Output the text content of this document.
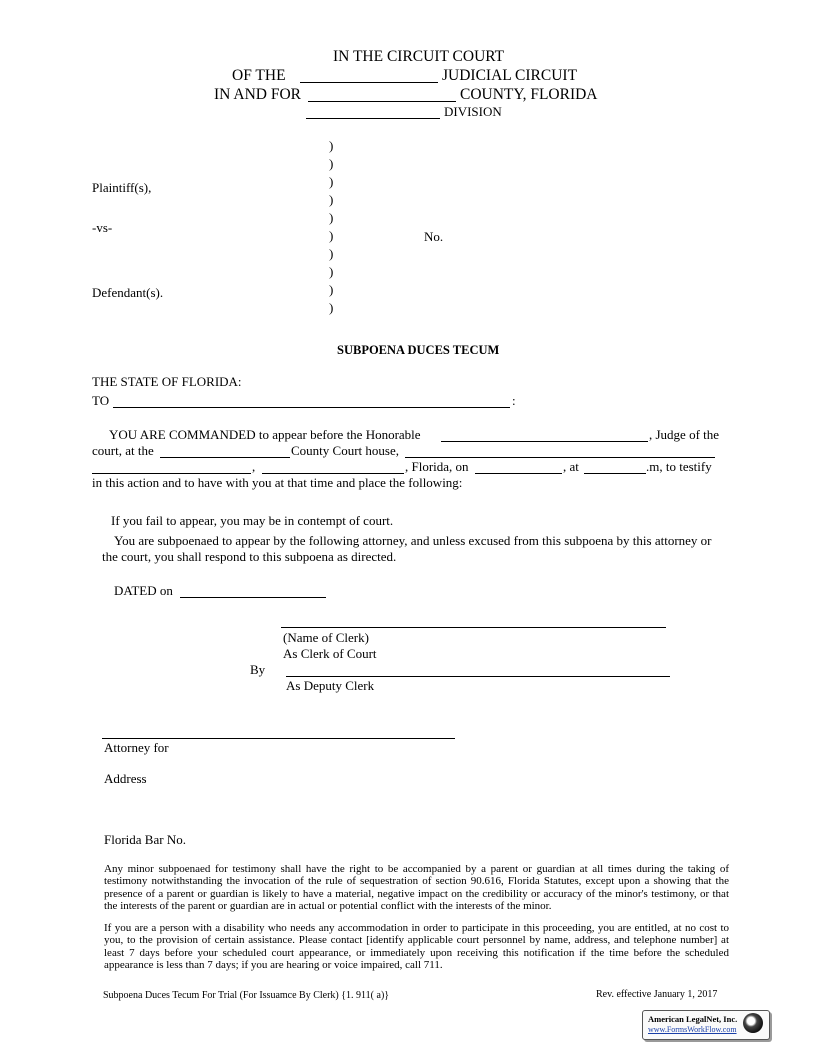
IN THE CIRCUIT COURT
OF THE	JUDICIAL CIRCUIT
IN AND FOR	COUNTY, FLORIDA
DIVISION
)
)
)
)
)
)
)
)
)
)
Plaintiff(s),
-vs-
No.
Defendant(s).
SUBPOENA DUCES TECUM
THE STATE OF FLORIDA:
TO	:
YOU ARE COMMANDED to appear before the Honorable	, Judge of the
court, at the	County Court house,
,	, Florida, on	, at	.m, to testify
in this action and to have with you at that time and place the following:
If you fail to appear, you may be in contempt of court.
You are subpoenaed to appear by the following attorney, and unless excused from this subpoena by this attorney or the court, you shall respond to this subpoena as directed.
DATED on
(Name of Clerk)
As Clerk of Court
By
As Deputy Clerk
Attorney for
Address
Florida Bar No.
Any minor subpoenaed for testimony shall have the right to be accompanied by a parent or guardian at all times during the taking of testimony notwithstanding the invocation of the rule of sequestration of section 90.616, Florida Statutes, except upon a showing that the presence of a parent or guardian is likely to have a material, negative impact on the credibility or accuracy of the minor's testimony, or that the interests of the parent or guardian are in actual or potential conflict with the interests of the minor.
If you are a person with a disability who needs any accommodation in order to participate in this proceeding, you are entitled, at no cost to you, to the provision of certain assistance. Please contact [identify applicable court personnel by name, address, and telephone number] at least 7 days before your scheduled court appearance, or immediately upon receiving this notification if the time before the scheduled appearance is less than 7 days; if you are hearing or voice impaired, call 711.
Subpoena Duces Tecum For Trial (For Issuamce By Clerk) {1. 911( a)}	Rev. effective January 1, 2017
American LegalNet, Inc.
www.FormsWorkFlow.com
